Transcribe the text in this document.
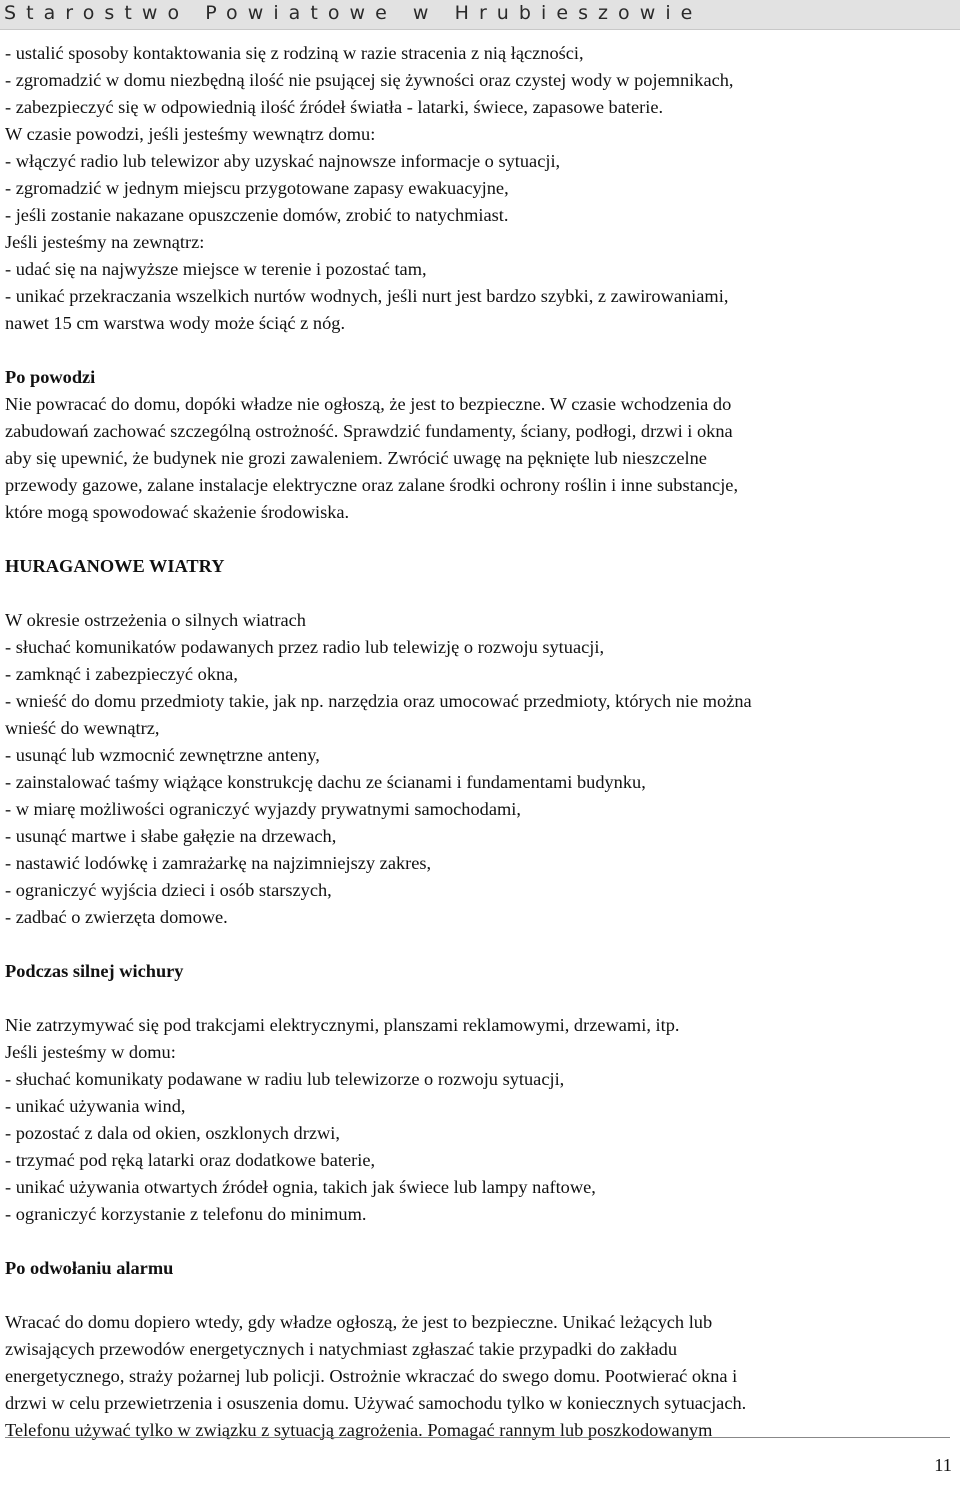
Starostwo Powiatowe w Hrubieszowie
- ustalić sposoby kontaktowania się z rodziną w razie stracenia z nią łączności,
- zgromadzić w domu niezbędną ilość nie psującej się żywności oraz czystej wody w pojemnikach,
- zabezpieczyć się w odpowiednią ilość źródeł światła - latarki, świece, zapasowe baterie.
W czasie powodzi, jeśli jesteśmy wewnątrz domu:
- włączyć radio lub telewizor aby uzyskać najnowsze informacje o sytuacji,
- zgromadzić w jednym miejscu przygotowane zapasy ewakuacyjne,
- jeśli zostanie nakazane opuszczenie domów, zrobić to natychmiast.
Jeśli jesteśmy na zewnątrz:
- udać się na najwyższe miejsce w terenie i pozostać tam,
- unikać przekraczania wszelkich nurtów wodnych, jeśli nurt jest bardzo szybki, z zawirowaniami,
nawet 15 cm warstwa wody może ściąć z nóg.
Po powodzi
Nie powracać do domu, dopóki władze nie ogłoszą, że jest to bezpieczne. W czasie wchodzenia do
zabudowań zachować szczególną ostrożność. Sprawdzić fundamenty, ściany, podłogi, drzwi i okna
aby się upewnić, że budynek nie grozi zawaleniem. Zwrócić uwagę na pęknięte lub nieszczelne
przewody gazowe, zalane instalacje elektryczne oraz zalane środki ochrony roślin i inne substancje,
które mogą spowodować skażenie środowiska.
HURAGANOWE WIATRY
W okresie ostrzeżenia o silnych wiatrach
- słuchać komunikatów podawanych przez radio lub telewizję o rozwoju sytuacji,
- zamknąć i zabezpieczyć okna,
- wnieść do domu przedmioty takie, jak np. narzędzia oraz umocować przedmioty, których nie można
wnieść do wewnątrz,
- usunąć lub wzmocnić zewnętrzne anteny,
- zainstalować taśmy wiążące konstrukcję dachu ze ścianami i fundamentami budynku,
- w miarę możliwości ograniczyć wyjazdy prywatnymi samochodami,
- usunąć martwe i słabe gałęzie na drzewach,
- nastawić lodówkę i zamrażarkę na najzimniejszy zakres,
- ograniczyć wyjścia dzieci i osób starszych,
- zadbać o zwierzęta domowe.
Podczas silnej wichury
Nie zatrzymywać się pod trakcjami elektrycznymi, planszami reklamowymi, drzewami, itp.
Jeśli jesteśmy w domu:
- słuchać komunikaty podawane w radiu lub telewizorze o rozwoju sytuacji,
- unikać używania wind,
- pozostać z dala od okien, oszklonych drzwi,
- trzymać pod ręką latarki oraz dodatkowe baterie,
- unikać używania otwartych źródeł ognia, takich jak świece lub lampy naftowe,
- ograniczyć korzystanie z telefonu do minimum.
Po odwołaniu alarmu
Wracać do domu dopiero wtedy, gdy władze ogłoszą, że jest to bezpieczne. Unikać leżących lub
zwisających przewodów energetycznych i natychmiast zgłaszać takie przypadki do zakładu
energetycznego, straży pożarnej lub policji. Ostrożnie wkraczać do swego domu. Pootwierać okna i
drzwi w celu przewietrzenia i osuszenia domu. Używać samochodu tylko w koniecznych sytuacjach.
Telefonu używać tylko w związku z sytuacją zagrożenia. Pomagać rannym lub poszkodowanym
11
